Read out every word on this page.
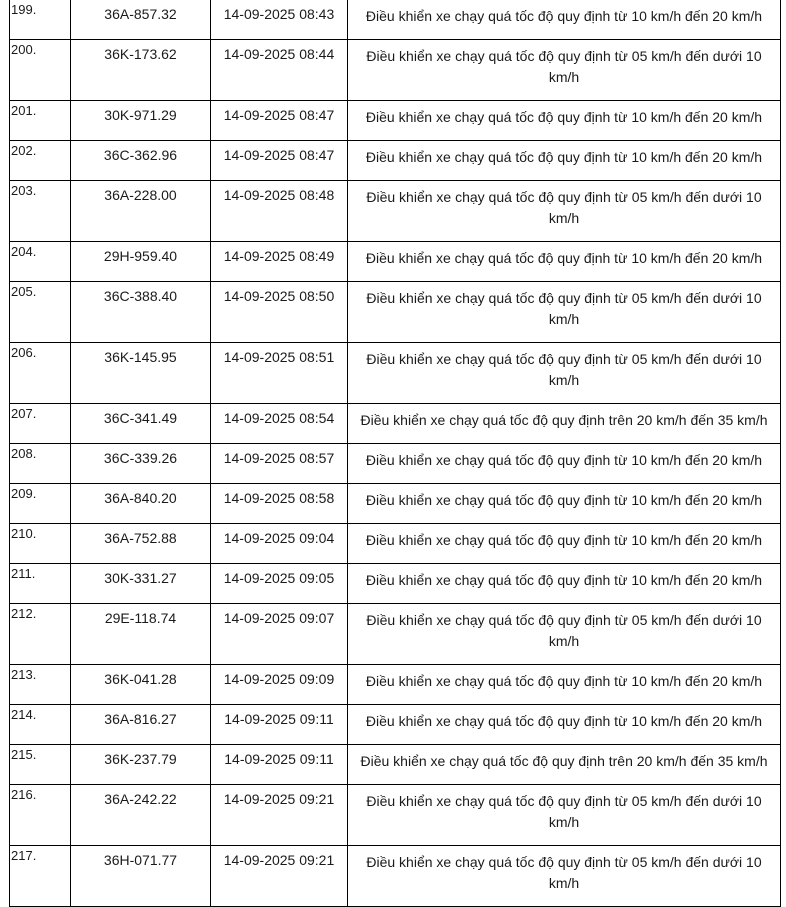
199.	36A-857.32	14-09-2025 08:43	Điều khiển xe chạy quá tốc độ quy định từ 10 km/h đến 20 km/h
200.	36K-173.62	14-09-2025 08:44	Điều khiển xe chạy quá tốc độ quy định từ 05 km/h đến dưới 10 km/h
201.	30K-971.29	14-09-2025 08:47	Điều khiển xe chạy quá tốc độ quy định từ 10 km/h đến 20 km/h
202.	36C-362.96	14-09-2025 08:47	Điều khiển xe chạy quá tốc độ quy định từ 10 km/h đến 20 km/h
203.	36A-228.00	14-09-2025 08:48	Điều khiển xe chạy quá tốc độ quy định từ 05 km/h đến dưới 10 km/h
204.	29H-959.40	14-09-2025 08:49	Điều khiển xe chạy quá tốc độ quy định từ 10 km/h đến 20 km/h
205.	36C-388.40	14-09-2025 08:50	Điều khiển xe chạy quá tốc độ quy định từ 05 km/h đến dưới 10 km/h
206.	36K-145.95	14-09-2025 08:51	Điều khiển xe chạy quá tốc độ quy định từ 05 km/h đến dưới 10 km/h
207.	36C-341.49	14-09-2025 08:54	Điều khiển xe chạy quá tốc độ quy định trên 20 km/h đến 35 km/h
208.	36C-339.26	14-09-2025 08:57	Điều khiển xe chạy quá tốc độ quy định từ 10 km/h đến 20 km/h
209.	36A-840.20	14-09-2025 08:58	Điều khiển xe chạy quá tốc độ quy định từ 10 km/h đến 20 km/h
210.	36A-752.88	14-09-2025 09:04	Điều khiển xe chạy quá tốc độ quy định từ 10 km/h đến 20 km/h
211.	30K-331.27	14-09-2025 09:05	Điều khiển xe chạy quá tốc độ quy định từ 10 km/h đến 20 km/h
212.	29E-118.74	14-09-2025 09:07	Điều khiển xe chạy quá tốc độ quy định từ 05 km/h đến dưới 10 km/h
213.	36K-041.28	14-09-2025 09:09	Điều khiển xe chạy quá tốc độ quy định từ 10 km/h đến 20 km/h
214.	36A-816.27	14-09-2025 09:11	Điều khiển xe chạy quá tốc độ quy định từ 10 km/h đến 20 km/h
215.	36K-237.79	14-09-2025 09:11	Điều khiển xe chạy quá tốc độ quy định trên 20 km/h đến 35 km/h
216.	36A-242.22	14-09-2025 09:21	Điều khiển xe chạy quá tốc độ quy định từ 05 km/h đến dưới 10 km/h
217.	36H-071.77	14-09-2025 09:21	Điều khiển xe chạy quá tốc độ quy định từ 05 km/h đến dưới 10 km/h
